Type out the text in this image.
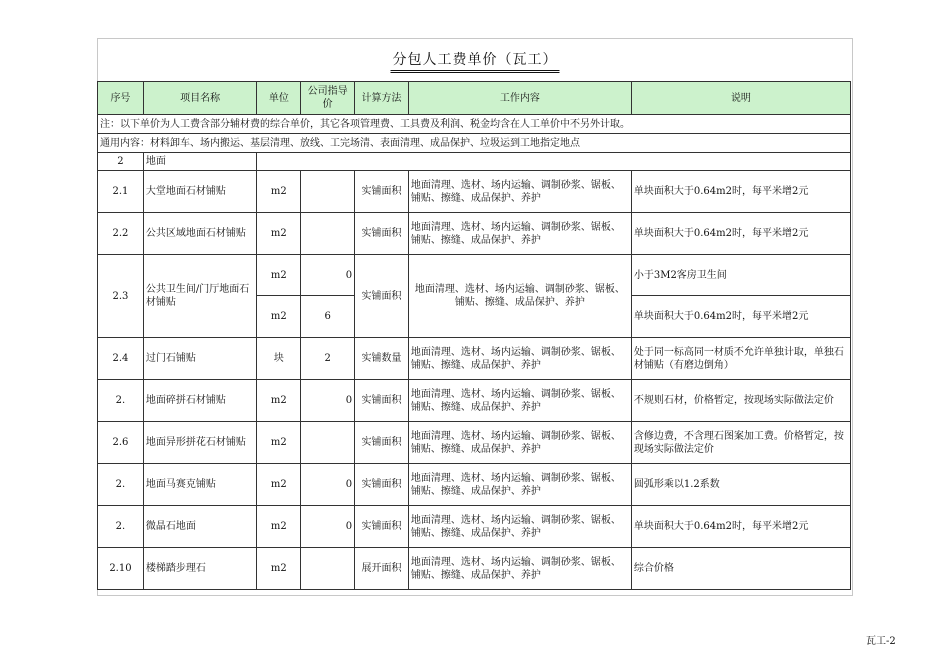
分包人工费单价（瓦工）
序号	项目名称	单位	公司指导价	计算方法	工作内容	说明
注：以下单价为人工费含部分辅材费的综合单价，其它各项管理费、工具费及利润、税金均含在人工单价中不另外计取。						
通用内容：材料卸车、场内搬运、基层清理、放线、工完场清、表面清理、成品保护、垃圾运到工地指定地点						
2	地面					
2.1	大堂地面石材铺贴	m2		实铺面积	地面清理、选材、场内运输、调制砂浆、锯板、铺贴、擦缝、成品保护、养护	单块面积大于0.64m2时，每平米增2元
2.2	公共区域地面石材铺贴	m2		实铺面积	地面清理、选材、场内运输、调制砂浆、锯板、铺贴、擦缝、成品保护、养护	单块面积大于0.64m2时，每平米增2元
2.3	公共卫生间/门厅地面石材铺贴	m2	0	实铺面积	地面清理、选材、场内运输、调制砂浆、锯板、铺贴、擦缝、成品保护、养护	小于3M2客房卫生间
		m2	6			单块面积大于0.64m2时，每平米增2元
2.4	过门石铺贴	块	2	实铺数量	地面清理、选材、场内运输、调制砂浆、锯板、铺贴、擦缝、成品保护、养护	处于同一标高同一材质不允许单独计取，单独石材铺贴（有磨边倒角）
2.	地面碎拼石材铺贴	m2	0	实铺面积	地面清理、选材、场内运输、调制砂浆、锯板、铺贴、擦缝、成品保护、养护	不规则石材，价格暂定，按现场实际做法定价
2.6	地面异形拼花石材铺贴	m2		实铺面积	地面清理、选材、场内运输、调制砂浆、锯板、铺贴、擦缝、成品保护、养护	含修边费，不含理石图案加工费。价格暂定，按现场实际做法定价
2.	地面马赛克铺贴	m2	0	实铺面积	地面清理、选材、场内运输、调制砂浆、锯板、铺贴、擦缝、成品保护、养护	圆弧形乘以1.2系数
2.	微晶石地面	m2	0	实铺面积	地面清理、选材、场内运输、调制砂浆、锯板、铺贴、擦缝、成品保护、养护	单块面积大于0.64m2时，每平米增2元
2.10	楼梯踏步理石	m2		展开面积	地面清理、选材、场内运输、调制砂浆、锯板、铺贴、擦缝、成品保护、养护	综合价格
瓦工-2
